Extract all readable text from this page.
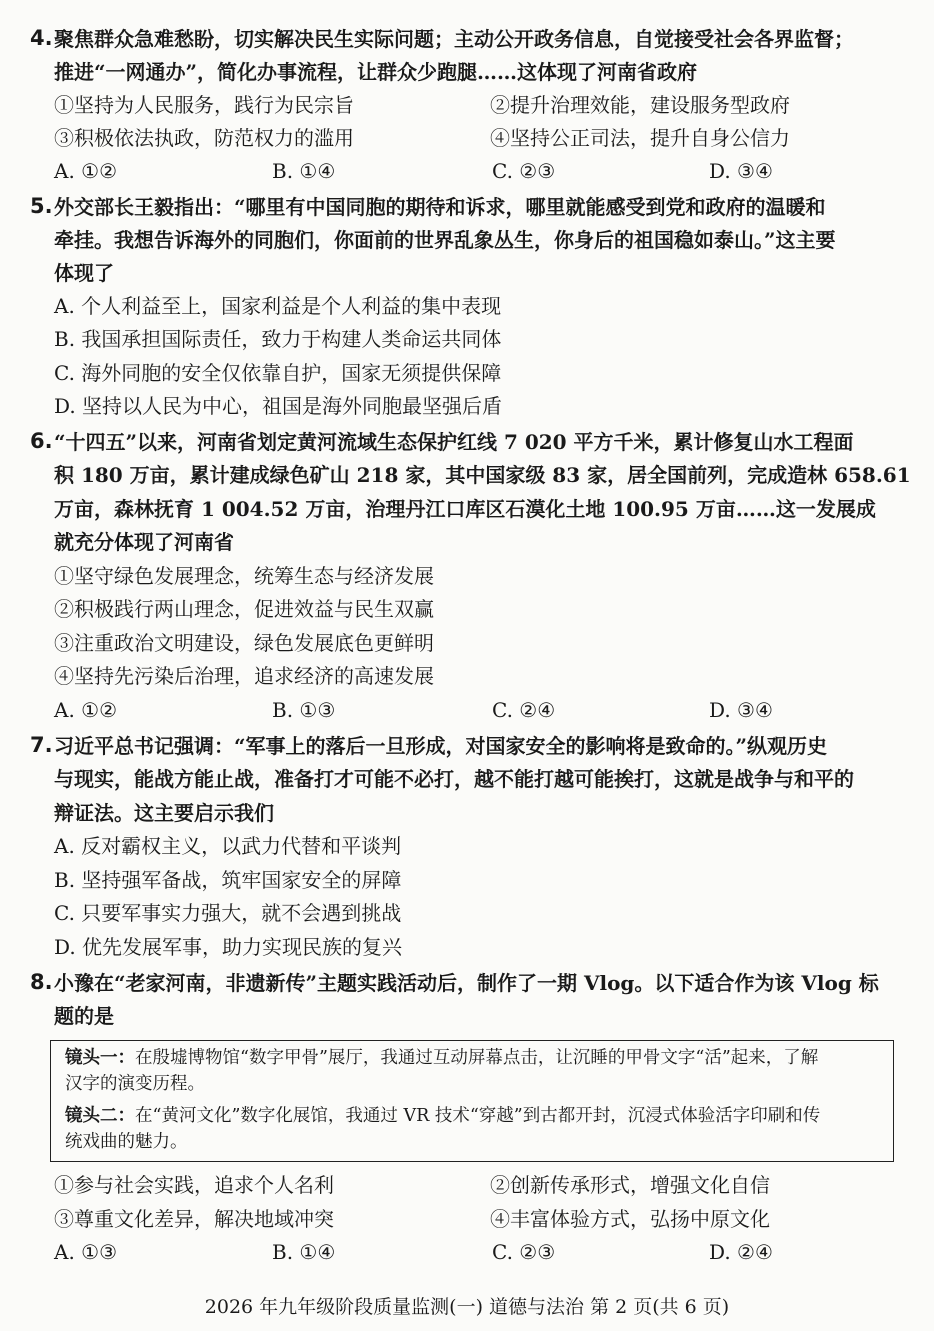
4. 聚焦群众急难愁盼，切实解决民生实际问题；主动公开政务信息，自觉接受社会各界监督；
推进“一网通办”，简化办事流程，让群众少跑腿……这体现了河南省政府
①坚持为人民服务，践行为民宗旨	②提升治理效能，建设服务型政府
③积极依法执政，防范权力的滥用	④坚持公正司法，提升自身公信力
A. ①②	B. ①④	C. ②③	D. ③④
5. 外交部长王毅指出：“哪里有中国同胞的期待和诉求，哪里就能感受到党和政府的温暖和
牵挂。我想告诉海外的同胞们，你面前的世界乱象丛生，你身后的祖国稳如泰山。”这主要
体现了
A. 个人利益至上，国家利益是个人利益的集中表现
B. 我国承担国际责任，致力于构建人类命运共同体
C. 海外同胞的安全仅依靠自护，国家无须提供保障
D. 坚持以人民为中心，祖国是海外同胞最坚强后盾
6. “十四五”以来，河南省划定黄河流域生态保护红线 7 020 平方千米，累计修复山水工程面
积 180 万亩，累计建成绿色矿山 218 家，其中国家级 83 家，居全国前列，完成造林 658.61
万亩，森林抚育 1 004.52 万亩，治理丹江口库区石漠化土地 100.95 万亩……这一发展成
就充分体现了河南省
①坚守绿色发展理念，统筹生态与经济发展
②积极践行两山理念，促进效益与民生双赢
③注重政治文明建设，绿色发展底色更鲜明
④坚持先污染后治理，追求经济的高速发展
A. ①②	B. ①③	C. ②④	D. ③④
7. 习近平总书记强调：“军事上的落后一旦形成，对国家安全的影响将是致命的。”纵观历史
与现实，能战方能止战，准备打才可能不必打，越不能打越可能挨打，这就是战争与和平的
辩证法。这主要启示我们
A. 反对霸权主义，以武力代替和平谈判
B. 坚持强军备战，筑牢国家安全的屏障
C. 只要军事实力强大，就不会遇到挑战
D. 优先发展军事，助力实现民族的复兴
8. 小豫在“老家河南，非遗新传”主题实践活动后，制作了一期 Vlog。以下适合作为该 Vlog 标
题的是
镜头一：在殷墟博物馆“数字甲骨”展厅，我通过互动屏幕点击，让沉睡的甲骨文字“活”起来，了解
汉字的演变历程。
镜头二：在“黄河文化”数字化展馆，我通过 VR 技术“穿越”到古都开封，沉浸式体验活字印刷和传
统戏曲的魅力。
①参与社会实践，追求个人名利	②创新传承形式，增强文化自信
③尊重文化差异，解决地域冲突	④丰富体验方式，弘扬中原文化
A. ①③	B. ①④	C. ②③	D. ②④
2026 年九年级阶段质量监测(一) 道德与法治 第 2 页(共 6 页)
